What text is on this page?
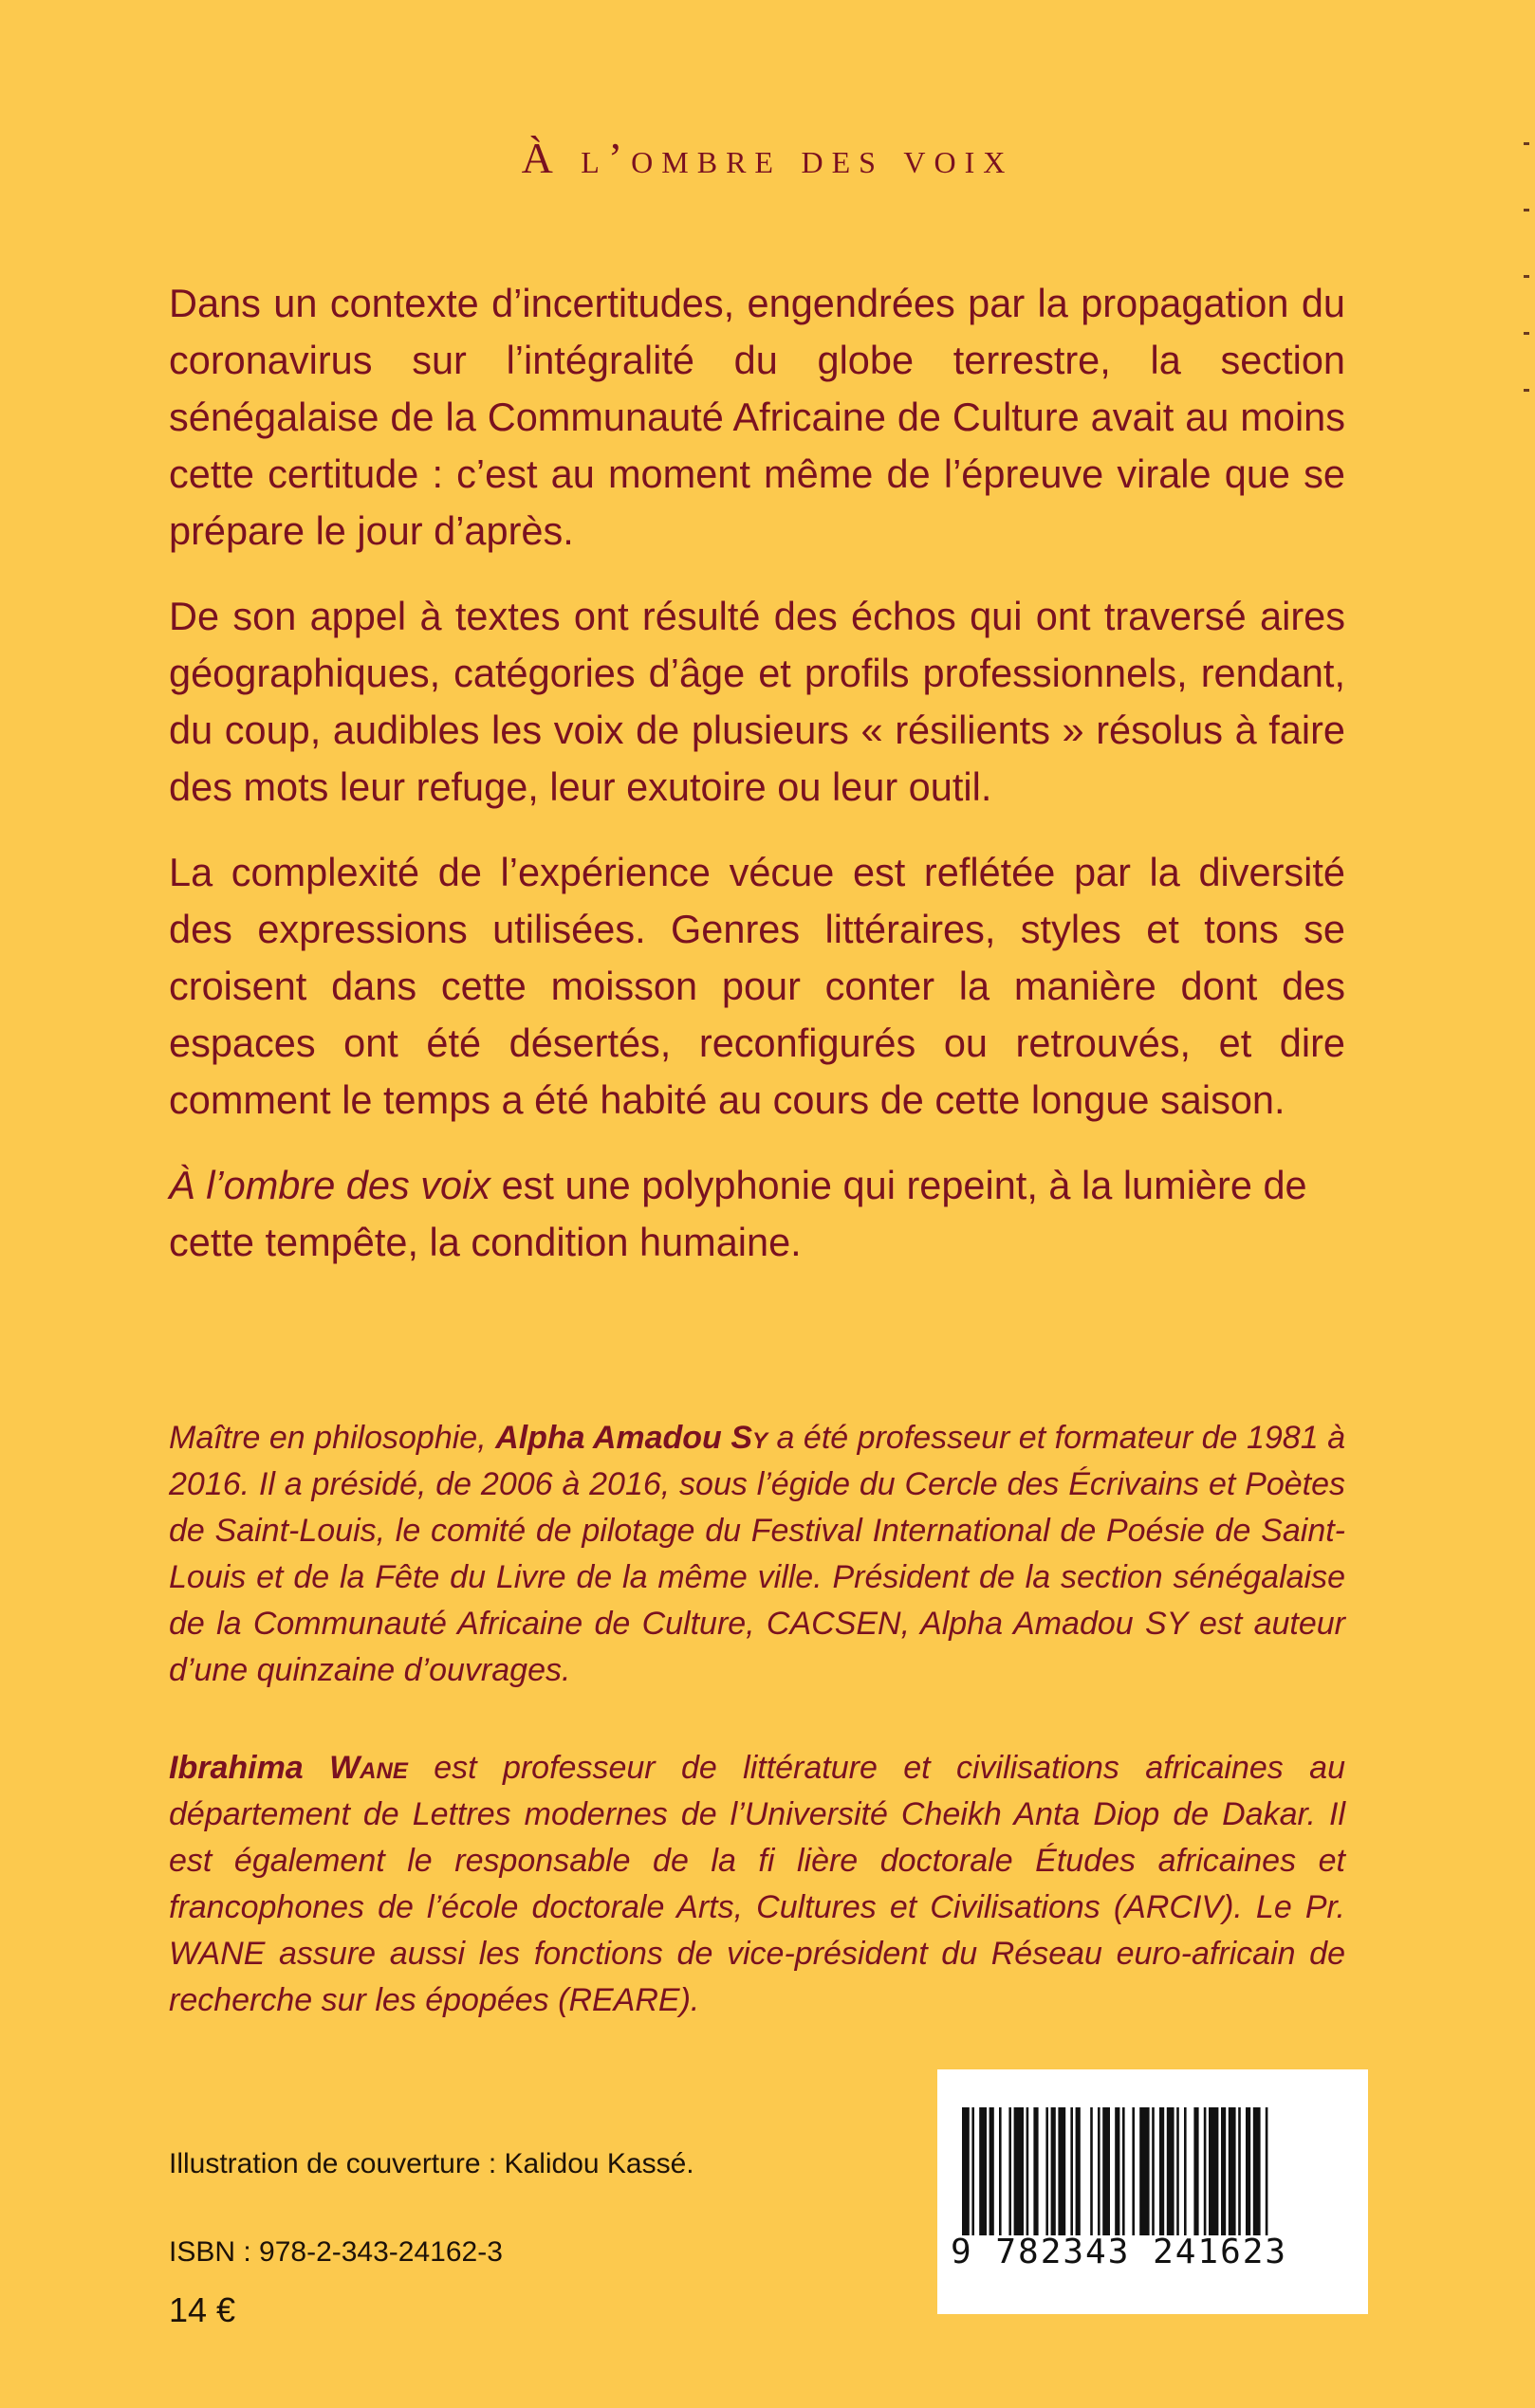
À l’ombre des voix

Dans un contexte d’incertitudes, engendrées par la propagation du coronavirus sur l’intégralité du globe terrestre, la section sénégalaise de la Communauté Africaine de Culture avait au moins cette certitude : c’est au moment même de l’épreuve virale que se prépare le jour d’après.

De son appel à textes ont résulté des échos qui ont traversé aires géographiques, catégories d’âge et profils professionnels, rendant, du coup, audibles les voix de plusieurs « résilients » résolus à faire des mots leur refuge, leur exutoire ou leur outil.

La complexité de l’expérience vécue est reflétée par la diversité des expressions utilisées. Genres littéraires, styles et tons se croisent dans cette moisson pour conter la manière dont des espaces ont été désertés, reconfigurés ou retrouvés, et dire comment le temps a été habité au cours de cette longue saison.

À l’ombre des voix est une polyphonie qui repeint, à la lumière de cette tempête, la condition humaine.

Maître en philosophie, Alpha Amadou Sy a été professeur et formateur de 1981 à 2016. Il a présidé, de 2006 à 2016, sous l’égide du Cercle des Écrivains et Poètes de Saint-Louis, le comité de pilotage du Festival International de Poésie de Saint-Louis et de la Fête du Livre de la même ville. Président de la section sénégalaise de la Communauté Africaine de Culture, CACSEN, Alpha Amadou SY est auteur d’une quinzaine d’ouvrages.
Ibrahima Wane est professeur de littérature et civilisations africaines au département de Lettres modernes de l’Université Cheikh Anta Diop de Dakar. Il est également le responsable de la fi lière doctorale Études africaines et francophones de l’école doctorale Arts, Cultures et Civilisations (ARCIV). Le Pr. WANE assure aussi les fonctions de vice-président du Réseau euro-africain de recherche sur les épopées (REARE).
Illustration de couverture : Kalidou Kassé.
ISBN : 978-2-343-24162-3
14 €
9 782343 241623
